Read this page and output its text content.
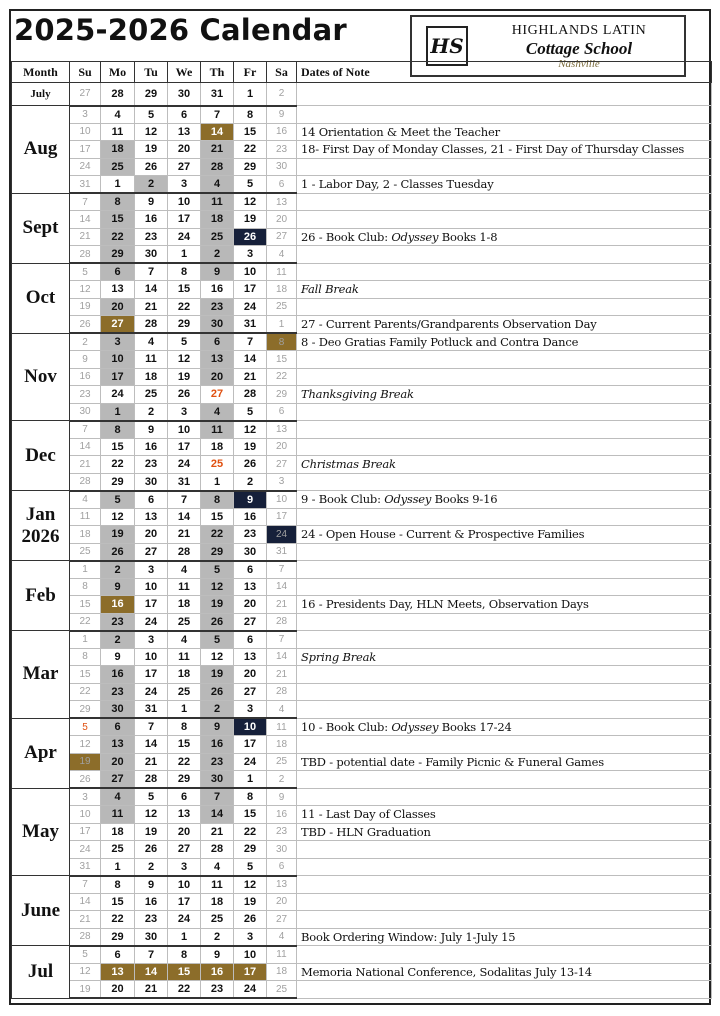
2025-2026 Calendar	HS
HIGHLANDS LATIN
Cottage School
Nashville
Month	Su	Mo	Tu	We	Th	Fr	Sa	Dates of Note
July	27	28	29	30	31	1	2	
Aug	3	4	5	6	7	8	9	
	10	11	12	13	14	15	16	14 Orientation & Meet the Teacher
	17	18	19	20	21	22	23	18- First Day of Monday Classes, 21 - First Day of Thursday Classes
	24	25	26	27	28	29	30	
	31	1	2	3	4	5	6	1 - Labor Day, 2 - Classes Tuesday
Sept	7	8	9	10	11	12	13	
	14	15	16	17	18	19	20	
	21	22	23	24	25	26	27	26 - Book Club: Odyssey Books 1-8
	28	29	30	1	2	3	4	
Oct	5	6	7	8	9	10	11	
	12	13	14	15	16	17	18	Fall Break
	19	20	21	22	23	24	25	
	26	27	28	29	30	31	1	27 - Current Parents/Grandparents Observation Day
Nov	2	3	4	5	6	7	8	8 - Deo Gratias Family Potluck and Contra Dance
	9	10	11	12	13	14	15	
	16	17	18	19	20	21	22	
	23	24	25	26	27	28	29	Thanksgiving Break
	30	1	2	3	4	5	6	
Dec	7	8	9	10	11	12	13	
	14	15	16	17	18	19	20	
	21	22	23	24	25	26	27	Christmas Break
	28	29	30	31	1	2	3	
Jan 2026	4	5	6	7	8	9	10	9 - Book Club: Odyssey Books 9-16
	11	12	13	14	15	16	17	
	18	19	20	21	22	23	24	24 - Open House - Current & Prospective Families
	25	26	27	28	29	30	31	
Feb	1	2	3	4	5	6	7	
	8	9	10	11	12	13	14	
	15	16	17	18	19	20	21	16 - Presidents Day, HLN Meets, Observation Days
	22	23	24	25	26	27	28	
Mar	1	2	3	4	5	6	7	
	8	9	10	11	12	13	14	Spring Break
	15	16	17	18	19	20	21	
	22	23	24	25	26	27	28	
	29	30	31	1	2	3	4	
Apr	5	6	7	8	9	10	11	10 - Book Club: Odyssey Books 17-24
	12	13	14	15	16	17	18	
	19	20	21	22	23	24	25	TBD - potential date - Family Picnic & Funeral Games
	26	27	28	29	30	1	2	
May	3	4	5	6	7	8	9	
	10	11	12	13	14	15	16	11 - Last Day of Classes
	17	18	19	20	21	22	23	TBD - HLN Graduation
	24	25	26	27	28	29	30	
	31	1	2	3	4	5	6	
June	7	8	9	10	11	12	13	
	14	15	16	17	18	19	20	
	21	22	23	24	25	26	27	
	28	29	30	1	2	3	4	Book Ordering Window: July 1-July 15
Jul	5	6	7	8	9	10	11	
	12	13	14	15	16	17	18	Memoria National Conference, Sodalitas July 13-14
	19	20	21	22	23	24	25	
